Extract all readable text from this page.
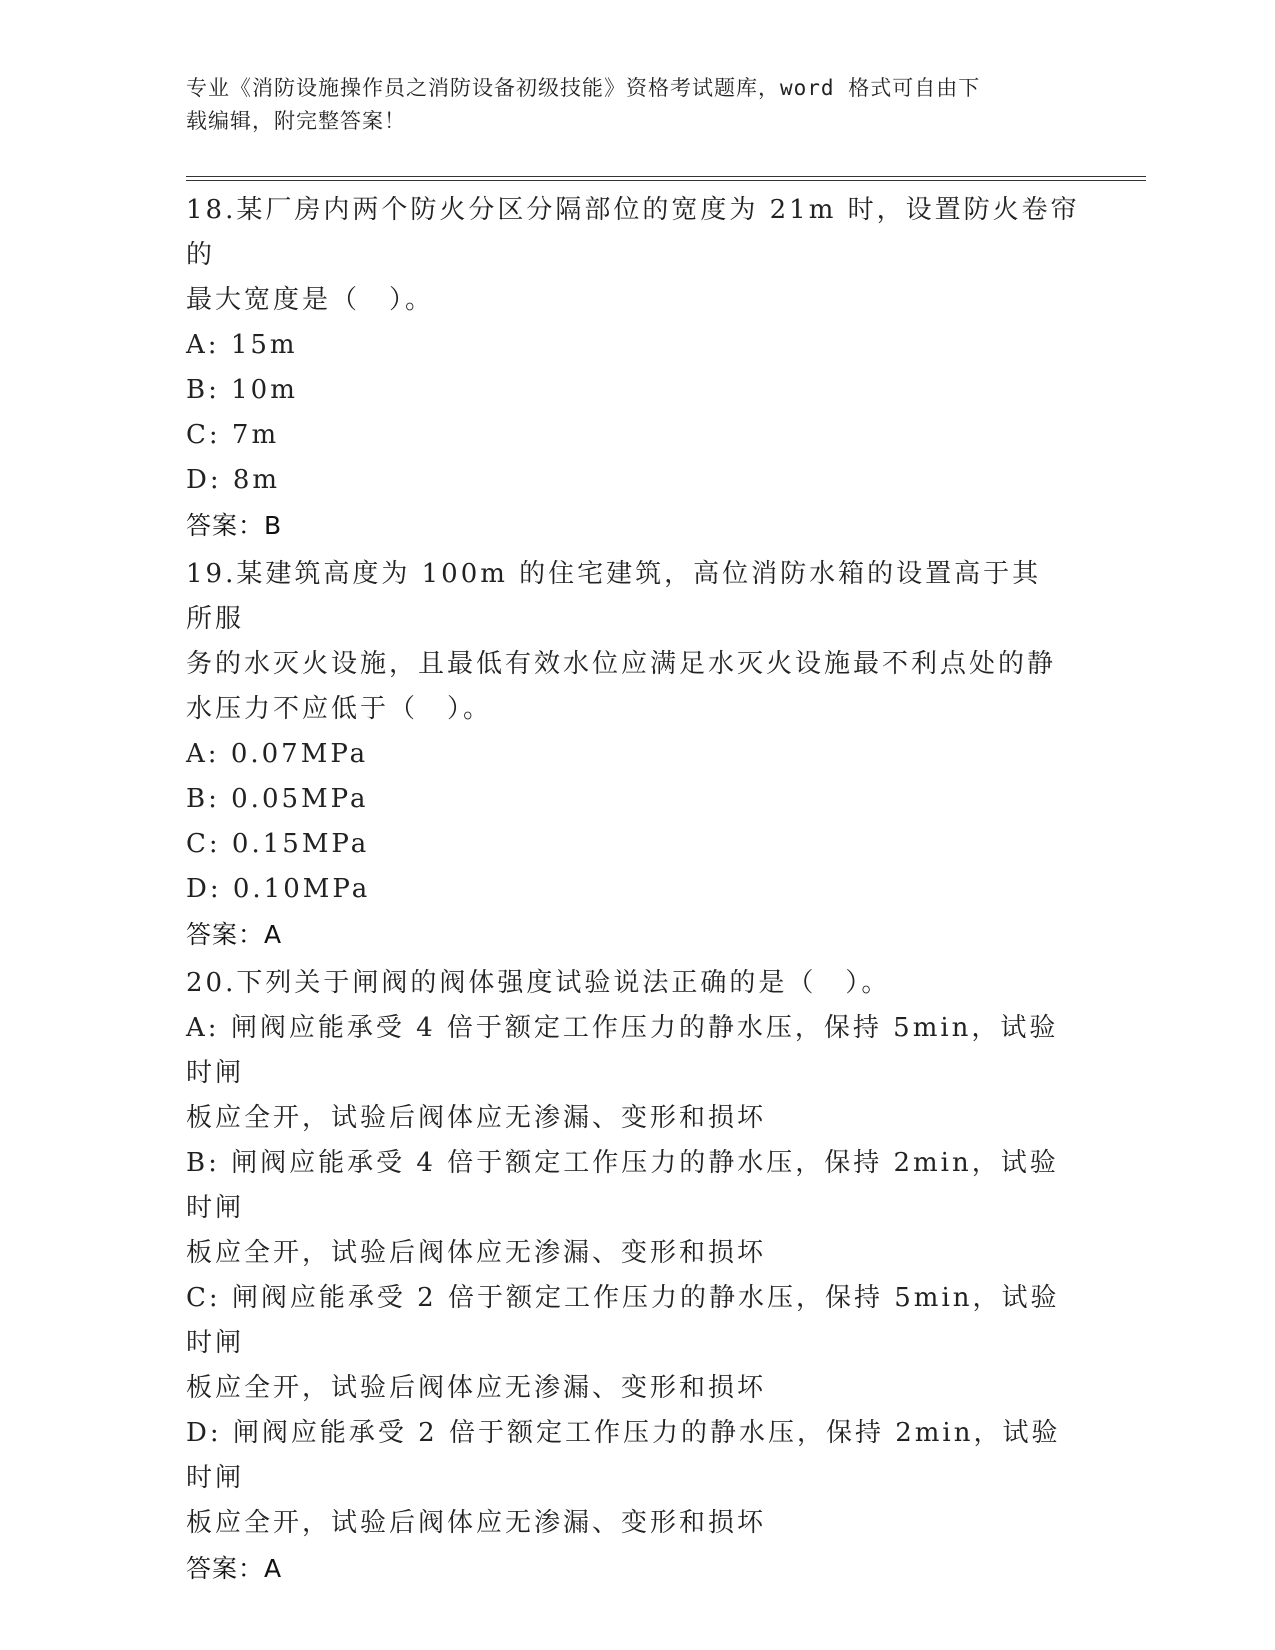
专业《消防设施操作员之消防设备初级技能》资格考试题库，word 格式可自由下
载编辑，附完整答案！
18.某厂房内两个防火分区分隔部位的宽度为 21m 时，设置防火卷帘的
最大宽度是（　）。
A: 15m
B: 10m
C: 7m
D: 8m
答案：B
19.某建筑高度为 100m 的住宅建筑，高位消防水箱的设置高于其所服
务的水灭火设施，且最低有效水位应满足水灭火设施最不利点处的静
水压力不应低于（　）。
A: 0.07MPa
B: 0.05MPa
C: 0.15MPa
D: 0.10MPa
答案：A
20.下列关于闸阀的阀体强度试验说法正确的是（　）。
A: 闸阀应能承受 4 倍于额定工作压力的静水压，保持 5min，试验时闸
板应全开，试验后阀体应无渗漏、变形和损坏
B: 闸阀应能承受 4 倍于额定工作压力的静水压，保持 2min，试验时闸
板应全开，试验后阀体应无渗漏、变形和损坏
C: 闸阀应能承受 2 倍于额定工作压力的静水压，保持 5min，试验时闸
板应全开，试验后阀体应无渗漏、变形和损坏
D: 闸阀应能承受 2 倍于额定工作压力的静水压，保持 2min，试验时闸
板应全开，试验后阀体应无渗漏、变形和损坏
答案：A
